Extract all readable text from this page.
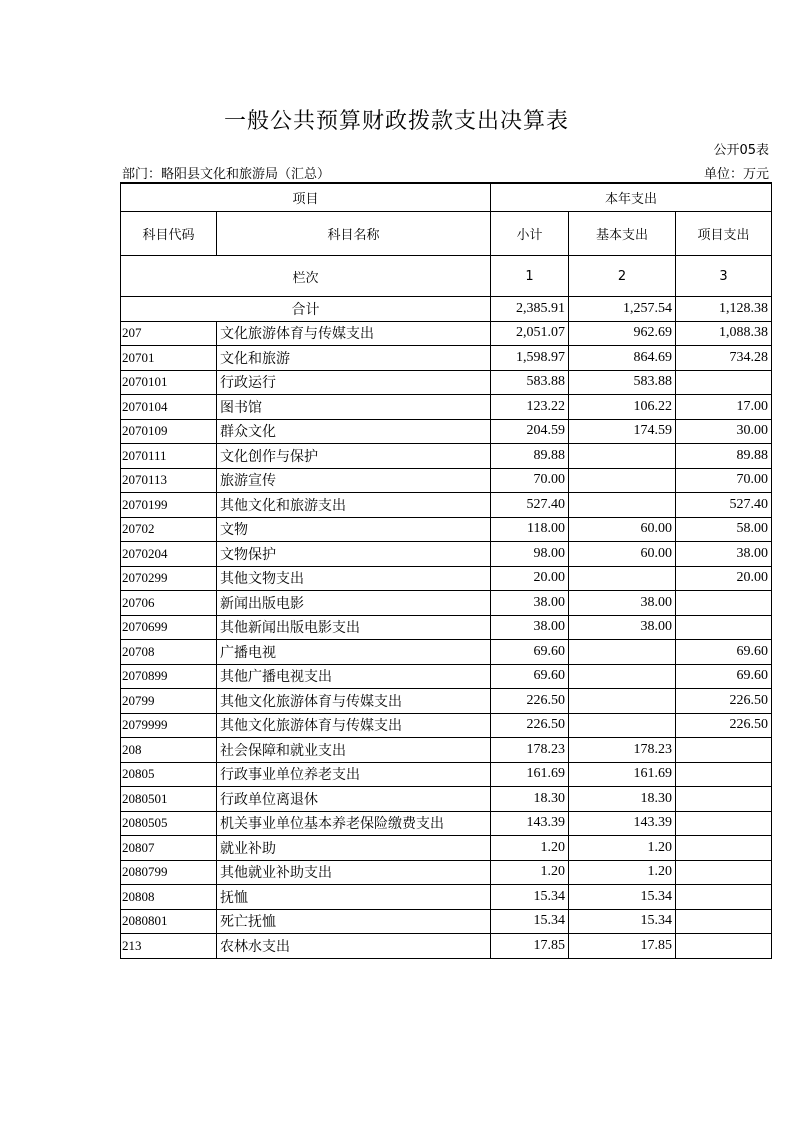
一般公共预算财政拨款支出决算表
公开05表
部门：略阳县文化和旅游局（汇总）	单位：万元
项目		本年支出		
科目代码	科目名称	小计	基本支出	项目支出
栏次		1	2	3
合计		2,385.91	1,257.54	1,128.38
207	文化旅游体育与传媒支出	2,051.07	962.69	1,088.38
20701	文化和旅游	1,598.97	864.69	734.28
2070101	行政运行	583.88	583.88	
2070104	图书馆	123.22	106.22	17.00
2070109	群众文化	204.59	174.59	30.00
2070111	文化创作与保护	89.88		89.88
2070113	旅游宣传	70.00		70.00
2070199	其他文化和旅游支出	527.40		527.40
20702	文物	118.00	60.00	58.00
2070204	文物保护	98.00	60.00	38.00
2070299	其他文物支出	20.00		20.00
20706	新闻出版电影	38.00	38.00	
2070699	其他新闻出版电影支出	38.00	38.00	
20708	广播电视	69.60		69.60
2070899	其他广播电视支出	69.60		69.60
20799	其他文化旅游体育与传媒支出	226.50		226.50
2079999	其他文化旅游体育与传媒支出	226.50		226.50
208	社会保障和就业支出	178.23	178.23	
20805	行政事业单位养老支出	161.69	161.69	
2080501	行政单位离退休	18.30	18.30	
2080505	机关事业单位基本养老保险缴费支出	143.39	143.39	
20807	就业补助	1.20	1.20	
2080799	其他就业补助支出	1.20	1.20	
20808	抚恤	15.34	15.34	
2080801	死亡抚恤	15.34	15.34	
213	农林水支出	17.85	17.85	
